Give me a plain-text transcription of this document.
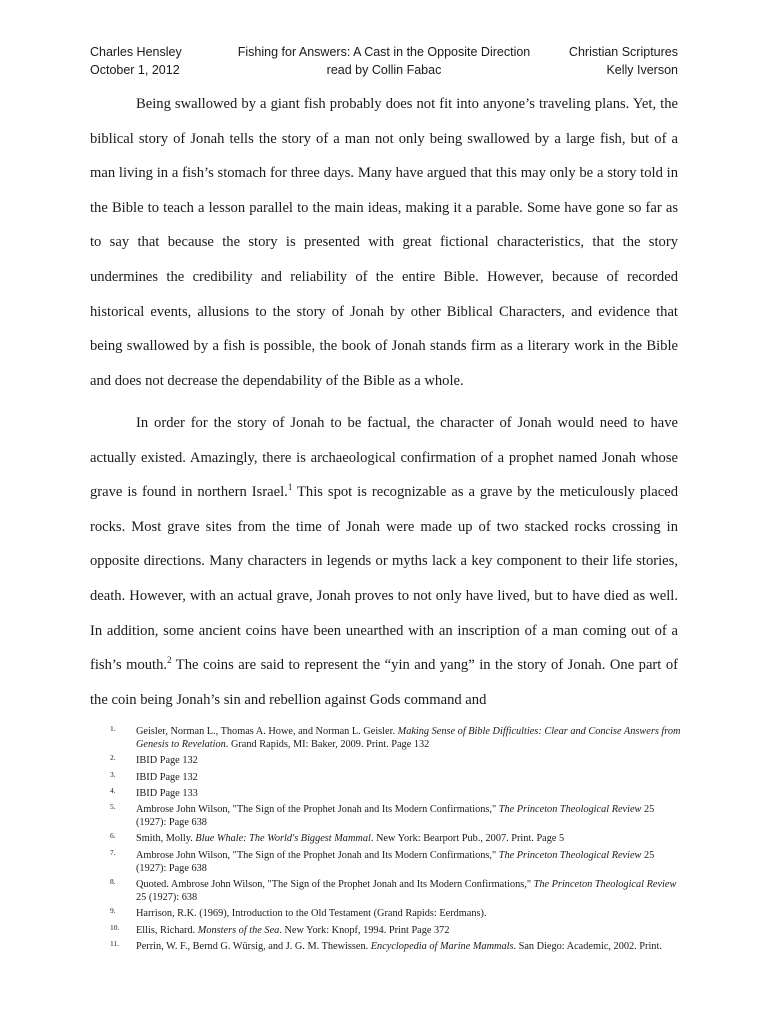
Charles Hensley	Fishing for Answers: A Cast in the Opposite Direction	Christian Scriptures
October 1, 2012	read by Collin Fabac	Kelly Iverson

Being swallowed by a giant fish probably does not fit into anyone’s traveling plans. Yet, the biblical story of Jonah tells the story of a man not only being swallowed by a large fish, but of a man living in a fish’s stomach for three days. Many have argued that this may only be a story told in the Bible to teach a lesson parallel to the main ideas, making it a parable. Some have gone so far as to say that because the story is presented with great fictional characteristics, that the story undermines the credibility and reliability of the entire Bible. However, because of recorded historical events, allusions to the story of Jonah by other Biblical Characters, and evidence that being swallowed by a fish is possible, the book of Jonah stands firm as a literary work in the Bible and does not decrease the dependability of the Bible as a whole.

In order for the story of Jonah to be factual, the character of Jonah would need to have actually existed. Amazingly, there is archaeological confirmation of a prophet named Jonah whose grave is found in northern Israel.$^1$ This spot is recognizable as a grave by the meticulously placed rocks. Most grave sites from the time of Jonah were made up of two stacked rocks crossing in opposite directions. Many characters in legends or myths lack a key component to their life stories, death. However, with an actual grave, Jonah proves to not only have lived, but to have died as well. In addition, some ancient coins have been unearthed with an inscription of a man coming out of a fish’s mouth.$^2$ The coins are said to represent the “yin and yang” in the story of Jonah. One part of the coin being Jonah’s sin and rebellion against Gods command and

1. Geisler, Norman L., Thomas A. Howe, and Norman L. Geisler. Making Sense of Bible Difficulties: Clear and Concise Answers from Genesis to Revelation. Grand Rapids, MI: Baker, 2009. Print. Page 132
2. IBID Page 132
3. IBID Page 132
4. IBID Page 133
5. Ambrose John Wilson, "The Sign of the Prophet Jonah and Its Modern Confirmations," The Princeton Theological Review 25 (1927): Page 638
6. Smith, Molly. Blue Whale: The World's Biggest Mammal. New York: Bearport Pub., 2007. Print. Page 5
7. Ambrose John Wilson, "The Sign of the Prophet Jonah and Its Modern Confirmations," The Princeton Theological Review 25 (1927): Page 638
8. Quoted. Ambrose John Wilson, "The Sign of the Prophet Jonah and Its Modern Confirmations," The Princeton Theological Review 25 (1927): 638
9. Harrison, R.K. (1969), Introduction to the Old Testament (Grand Rapids: Eerdmans).
10. Ellis, Richard. Monsters of the Sea. New York: Knopf, 1994. Print Page 372
11. Perrin, W. F., Bernd G. Würsig, and J. G. M. Thewissen. Encyclopedia of Marine Mammals. San Diego: Academic, 2002. Print.
